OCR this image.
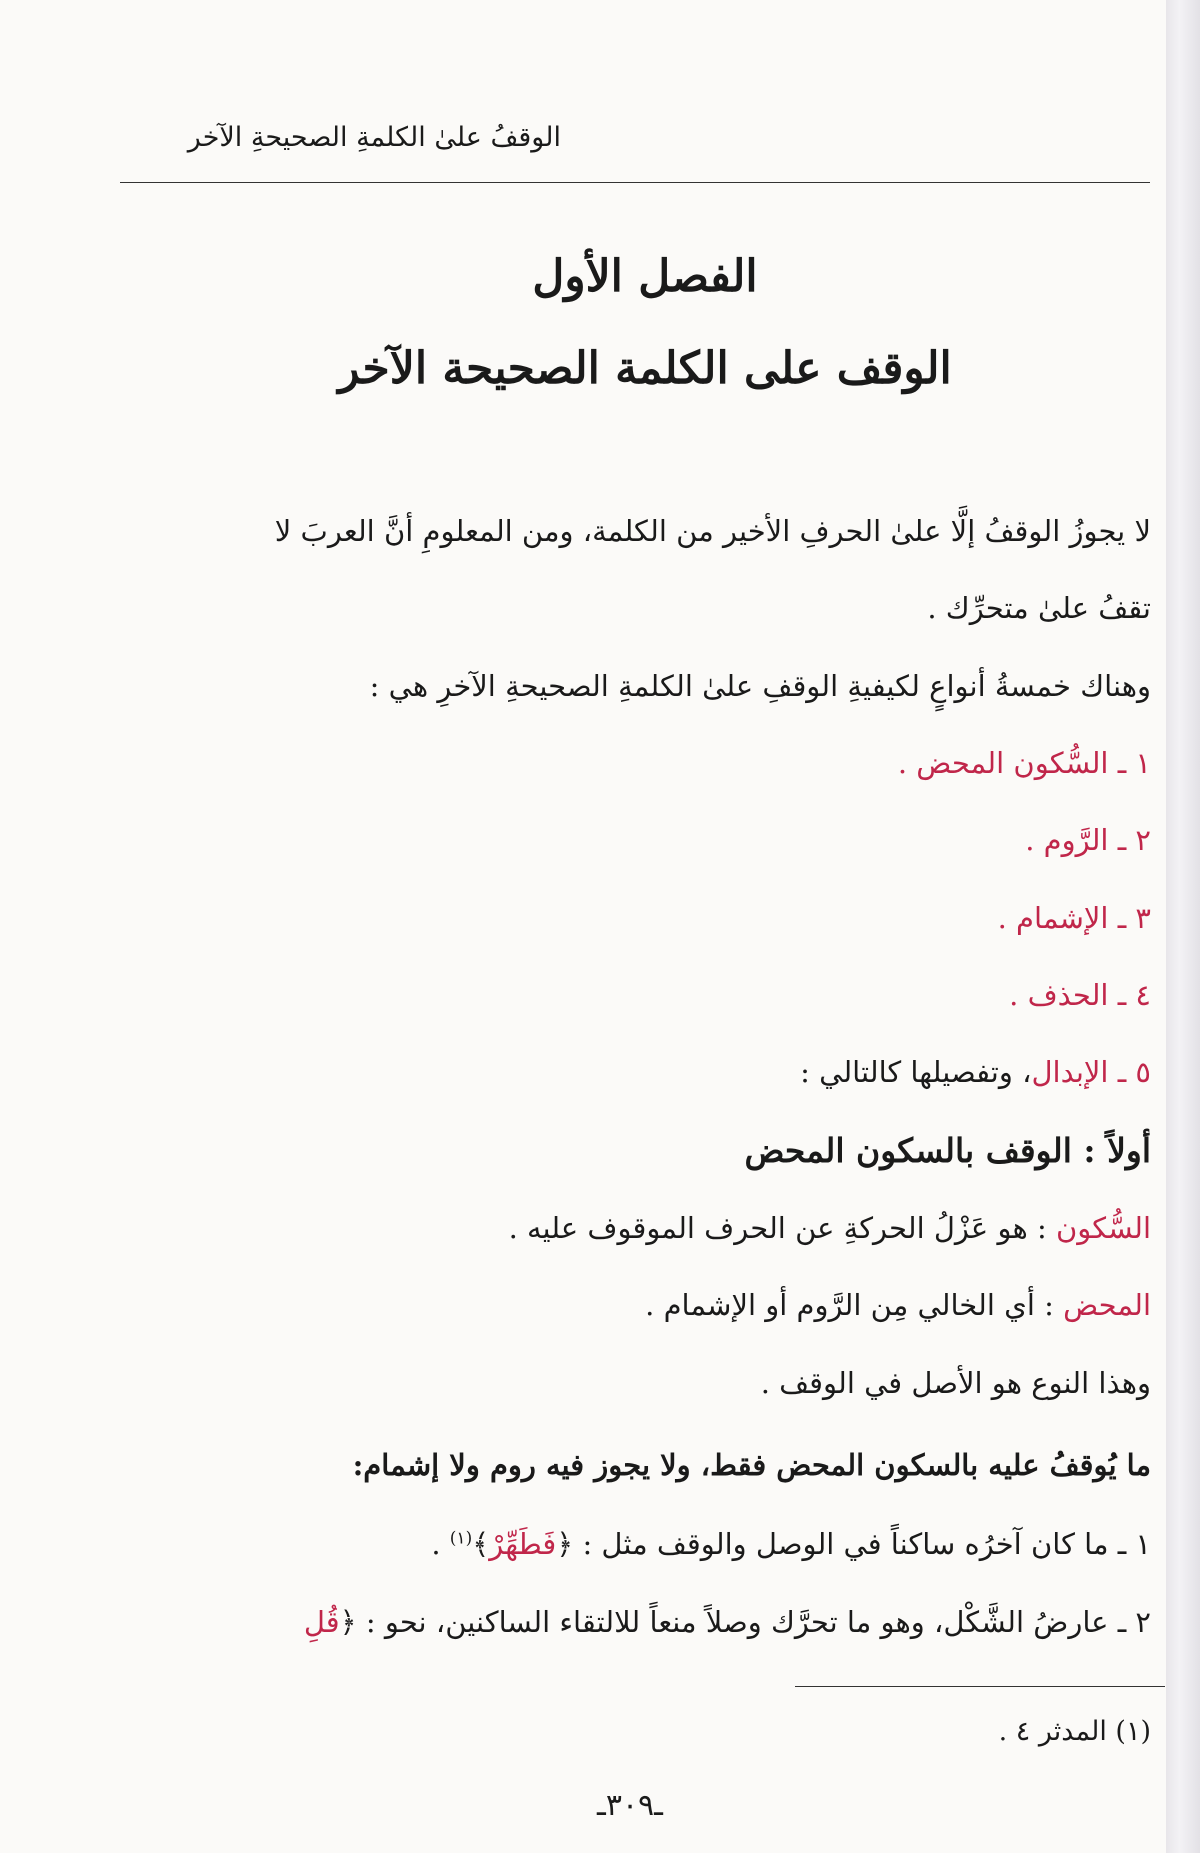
الوقفُ علىٰ الكلمةِ الصحيحةِ الآخر
الفصل الأول
الوقف على الكلمة الصحيحة الآخر
لا يجوزُ الوقفُ إلَّا علىٰ الحرفِ الأخير من الكلمة، ومن المعلومِ أنَّ العربَ لا
تقفُ علىٰ متحرِّك .
وهناك خمسةُ أنواعٍ لكيفيةِ الوقفِ علىٰ الكلمةِ الصحيحةِ الآخرِ هي :
١ ـ السُّكون المحض .
٢ ـ الرَّوم .
٣ ـ الإشمام .
٤ ـ الحذف .
٥ ـ الإبدال، وتفصيلها كالتالي :
أولاً : الوقف بالسكون المحض
السُّكون : هو عَزْلُ الحركةِ عن الحرف الموقوف عليه .
المحض : أي الخالي مِن الرَّوم أو الإشمام .
وهذا النوع هو الأصل في الوقف .
ما يُوقفُ عليه بالسكون المحض فقط، ولا يجوز فيه روم ولا إشمام:
١ ـ ما كان آخرُه ساكناً في الوصل والوقف مثل : ﴿فَطَهِّرْ﴾$^{(١)}$ .
٢ ـ عارضُ الشَّكْل، وهو ما تحرَّك وصلاً منعاً للالتقاء الساكنين، نحو : ﴿قُلِ
(١) المدثر ٤ .
ـ٣٠٩ـ
